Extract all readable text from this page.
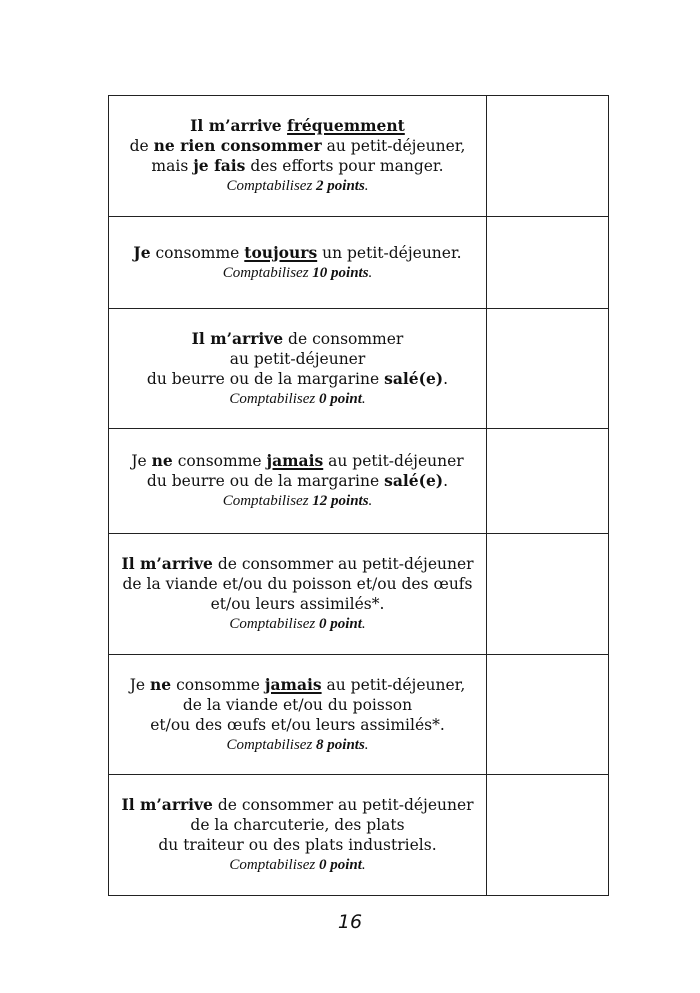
Il m’arrive fréquemment
de ne rien consommer au petit-déjeuner,
mais je fais des efforts pour manger.
Comptabilisez 2 points.	

Je consomme toujours un petit-déjeuner.
Comptabilisez 10 points.	

Il m’arrive de consommer
au petit-déjeuner
du beurre ou de la margarine salé(e).
Comptabilisez 0 point.	

Je ne consomme jamais au petit-déjeuner
du beurre ou de la margarine salé(e).
Comptabilisez 12 points.	

Il m’arrive de consommer au petit-déjeuner
de la viande et/ou du poisson et/ou des œufs
et/ou leurs assimilés*.
Comptabilisez 0 point.	

Je ne consomme jamais au petit-déjeuner,
de la viande et/ou du poisson
et/ou des œufs et/ou leurs assimilés*.
Comptabilisez 8 points.	

Il m’arrive de consommer au petit-déjeuner
de la charcuterie, des plats
du traiteur ou des plats industriels.
Comptabilisez 0 point.	

16
